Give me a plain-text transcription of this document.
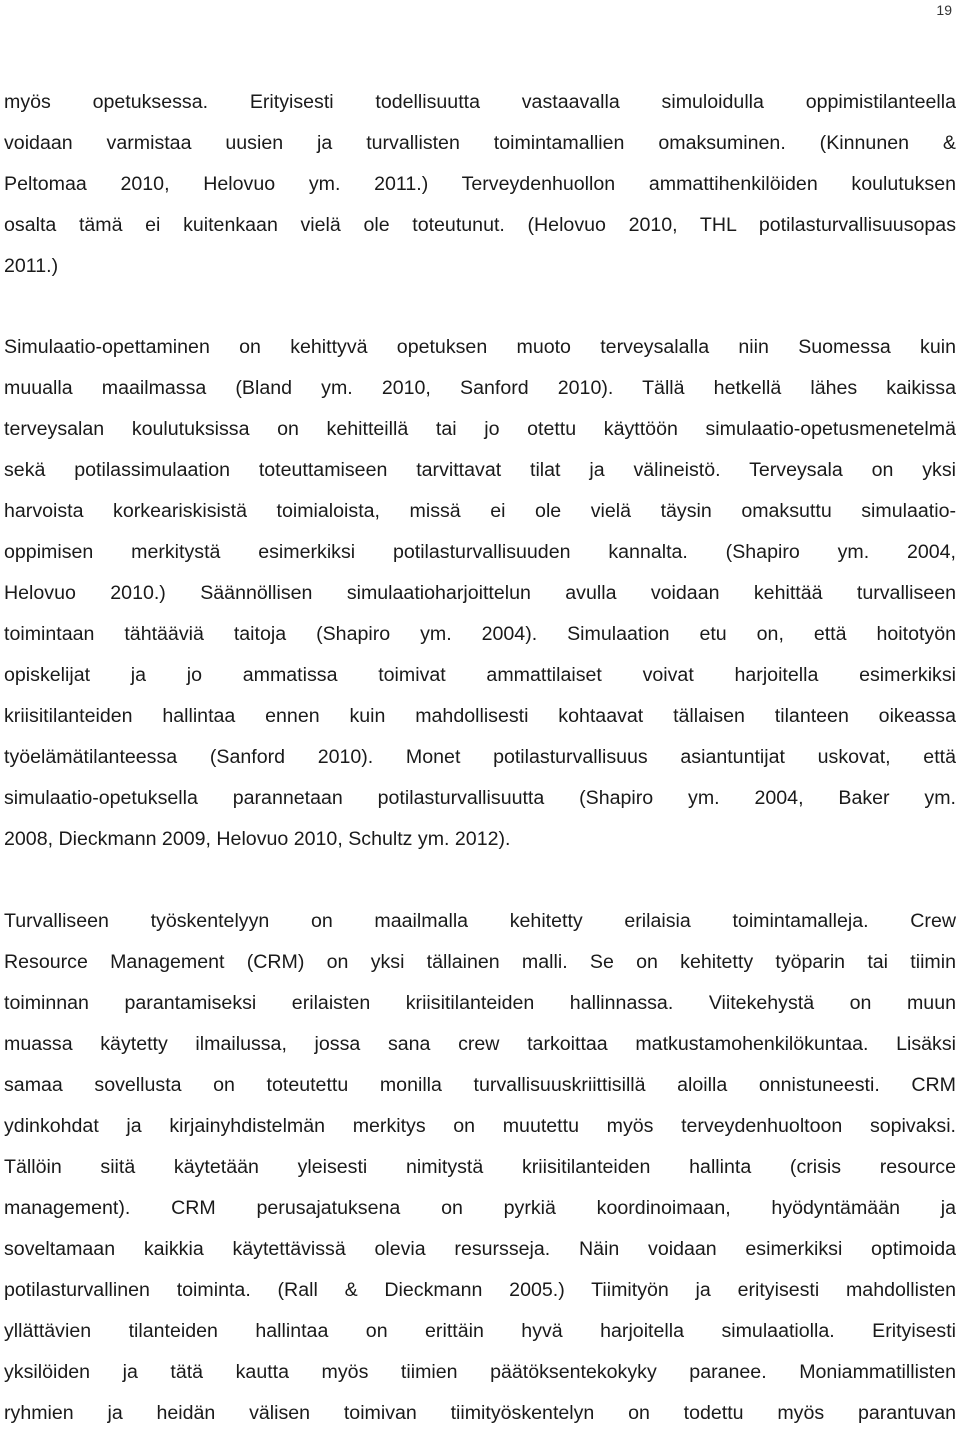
19
myös opetuksessa. Erityisesti todellisuutta vastaavalla simuloidulla oppimistilanteella
voidaan varmistaa uusien ja turvallisten toimintamallien omaksuminen. (Kinnunen &
Peltomaa 2010, Helovuo ym. 2011.) Terveydenhuollon ammattihenkilöiden koulutuksen
osalta tämä ei kuitenkaan vielä ole toteutunut. (Helovuo 2010, THL potilasturvallisuusopas
2011.)
Simulaatio-opettaminen on kehittyvä opetuksen muoto terveysalalla niin Suomessa kuin
muualla maailmassa (Bland ym. 2010, Sanford 2010). Tällä hetkellä lähes kaikissa
terveysalan koulutuksissa on kehitteillä tai jo otettu käyttöön simulaatio-opetusmenetelmä
sekä potilassimulaation toteuttamiseen tarvittavat tilat ja välineistö. Terveysala on yksi
harvoista korkeariskisistä toimialoista, missä ei ole vielä täysin omaksuttu simulaatio-
oppimisen merkitystä esimerkiksi potilasturvallisuuden kannalta. (Shapiro ym. 2004,
Helovuo 2010.) Säännöllisen simulaatioharjoittelun avulla voidaan kehittää turvalliseen
toimintaan tähtääviä taitoja (Shapiro ym. 2004). Simulaation etu on, että hoitotyön
opiskelijat ja jo ammatissa toimivat ammattilaiset voivat harjoitella esimerkiksi
kriisitilanteiden hallintaa ennen kuin mahdollisesti kohtaavat tällaisen tilanteen oikeassa
työelämätilanteessa (Sanford 2010). Monet potilasturvallisuus asiantuntijat uskovat, että
simulaatio-opetuksella parannetaan potilasturvallisuutta (Shapiro ym. 2004, Baker ym.
2008, Dieckmann 2009, Helovuo 2010, Schultz ym. 2012).
Turvalliseen työskentelyyn on maailmalla kehitetty erilaisia toimintamalleja. Crew
Resource Management (CRM) on yksi tällainen malli. Se on kehitetty työparin tai tiimin
toiminnan parantamiseksi erilaisten kriisitilanteiden hallinnassa. Viitekehystä on muun
muassa käytetty ilmailussa, jossa sana crew tarkoittaa matkustamohenkilökuntaa. Lisäksi
samaa sovellusta on toteutettu monilla turvallisuuskriittisillä aloilla onnistuneesti. CRM
ydinkohdat ja kirjainyhdistelmän merkitys on muutettu myös terveydenhuoltoon sopivaksi.
Tällöin siitä käytetään yleisesti nimitystä kriisitilanteiden hallinta (crisis resource
management). CRM perusajatuksena on pyrkiä koordinoimaan, hyödyntämään ja
soveltamaan kaikkia käytettävissä olevia resursseja. Näin voidaan esimerkiksi optimoida
potilasturvallinen toiminta. (Rall & Dieckmann 2005.) Tiimityön ja erityisesti mahdollisten
yllättävien tilanteiden hallintaa on erittäin hyvä harjoitella simulaatiolla. Erityisesti
yksilöiden ja tätä kautta myös tiimien päätöksentekokyky paranee. Moniammatillisten
ryhmien ja heidän välisen toimivan tiimityöskentelyn on todettu myös parantuvan
